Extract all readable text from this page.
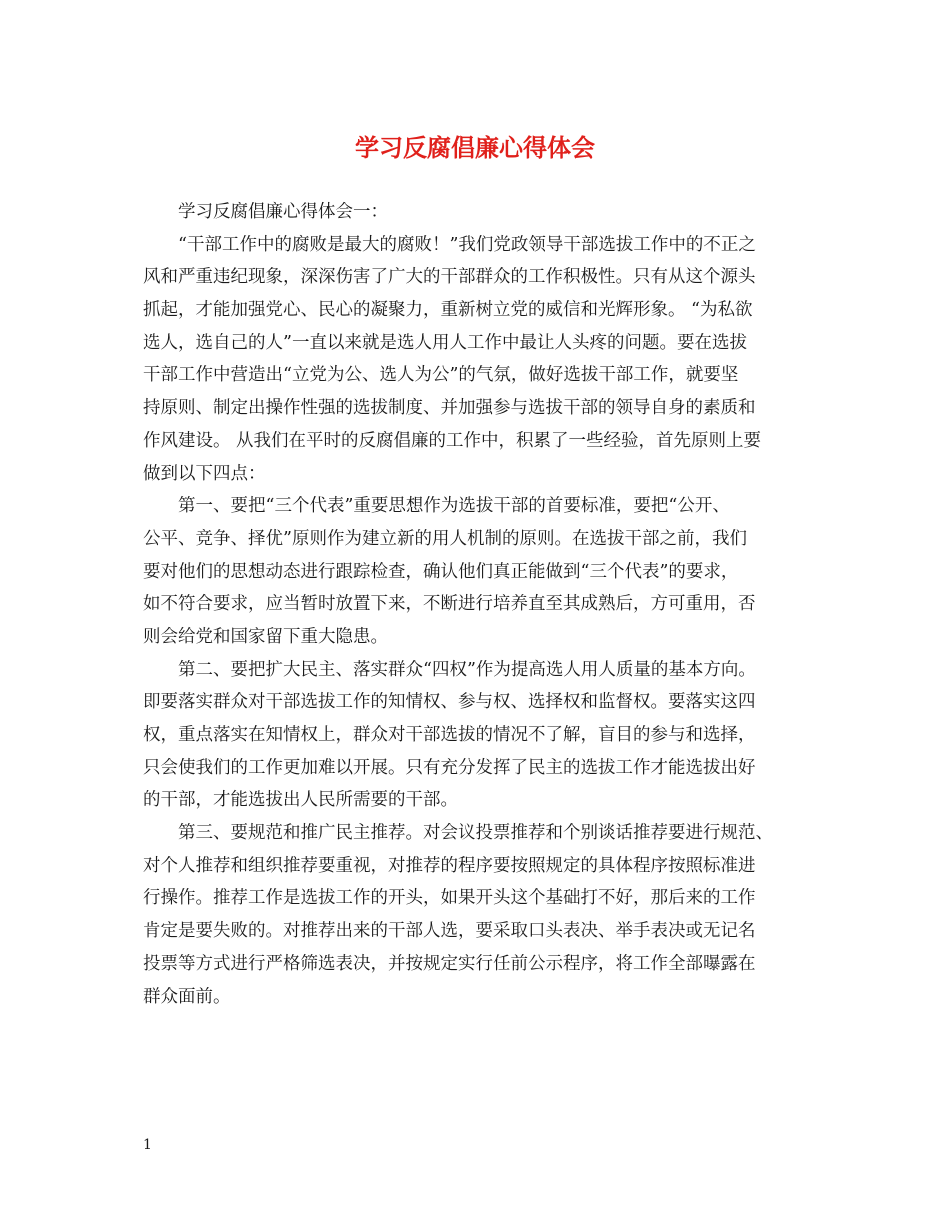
学习反腐倡廉心得体会
学习反腐倡廉心得体会一：
“干部工作中的腐败是最大的腐败！”我们党政领导干部选拔工作中的不正之
风和严重违纪现象，深深伤害了广大的干部群众的工作积极性。只有从这个源头
抓起，才能加强党心、民心的凝聚力，重新树立党的威信和光辉形象。 “为私欲
选人，选自己的人”一直以来就是选人用人工作中最让人头疼的问题。要在选拔
干部工作中营造出“立党为公、选人为公”的气氛，做好选拔干部工作，就要坚
持原则、制定出操作性强的选拔制度、并加强参与选拔干部的领导自身的素质和
作风建设。 从我们在平时的反腐倡廉的工作中，积累了一些经验，首先原则上要
做到以下四点：
第一、要把“三个代表”重要思想作为选拔干部的首要标准，要把“公开、
公平、竞争、择优”原则作为建立新的用人机制的原则。在选拔干部之前，我们
要对他们的思想动态进行跟踪检查，确认他们真正能做到“三个代表”的要求，
如不符合要求，应当暂时放置下来，不断进行培养直至其成熟后，方可重用，否
则会给党和国家留下重大隐患。
第二、要把扩大民主、落实群众“四权”作为提高选人用人质量的基本方向。
即要落实群众对干部选拔工作的知情权、参与权、选择权和监督权。要落实这四
权，重点落实在知情权上，群众对干部选拔的情况不了解，盲目的参与和选择，
只会使我们的工作更加难以开展。只有充分发挥了民主的选拔工作才能选拔出好
的干部，才能选拔出人民所需要的干部。
第三、要规范和推广民主推荐。对会议投票推荐和个别谈话推荐要进行规范、
对个人推荐和组织推荐要重视，对推荐的程序要按照规定的具体程序按照标准进
行操作。推荐工作是选拔工作的开头，如果开头这个基础打不好，那后来的工作
肯定是要失败的。对推荐出来的干部人选，要采取口头表决、举手表决或无记名
投票等方式进行严格筛选表决，并按规定实行任前公示程序，将工作全部曝露在
群众面前。
1
